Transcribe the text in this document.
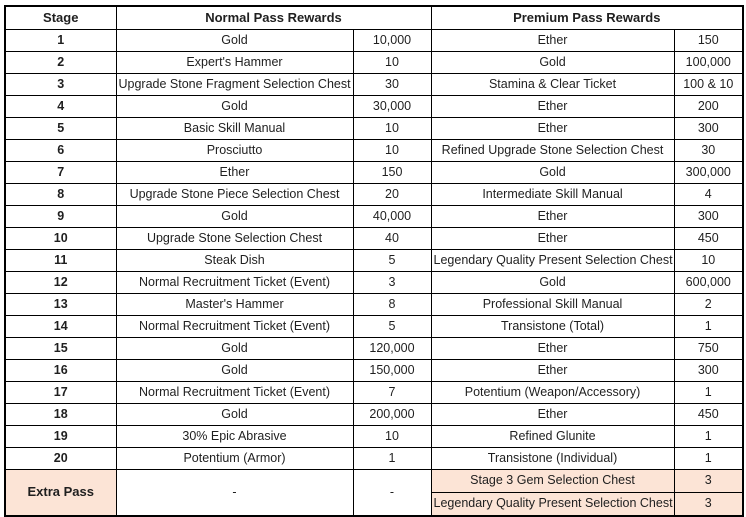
Stage	Normal Pass Rewards		Premium Pass Rewards	
1	Gold	10,000	Ether	150
2	Expert's Hammer	10	Gold	100,000
3	Upgrade Stone Fragment Selection Chest	30	Stamina & Clear Ticket	100 & 10
4	Gold	30,000	Ether	200
5	Basic Skill Manual	10	Ether	300
6	Prosciutto	10	Refined Upgrade Stone Selection Chest	30
7	Ether	150	Gold	300,000
8	Upgrade Stone Piece Selection Chest	20	Intermediate Skill Manual	4
9	Gold	40,000	Ether	300
10	Upgrade Stone Selection Chest	40	Ether	450
11	Steak Dish	5	Legendary Quality Present Selection Chest	10
12	Normal Recruitment Ticket (Event)	3	Gold	600,000
13	Master's Hammer	8	Professional Skill Manual	2
14	Normal Recruitment Ticket (Event)	5	Transistone (Total)	1
15	Gold	120,000	Ether	750
16	Gold	150,000	Ether	300
17	Normal Recruitment Ticket (Event)	7	Potentium (Weapon/Accessory)	1
18	Gold	200,000	Ether	450
19	30% Epic Abrasive	10	Refined Glunite	1
20	Potentium (Armor)	1	Transistone (Individual)	1
Extra Pass	-	-	Stage 3 Gem Selection Chest	3
			Legendary Quality Present Selection Chest	3
